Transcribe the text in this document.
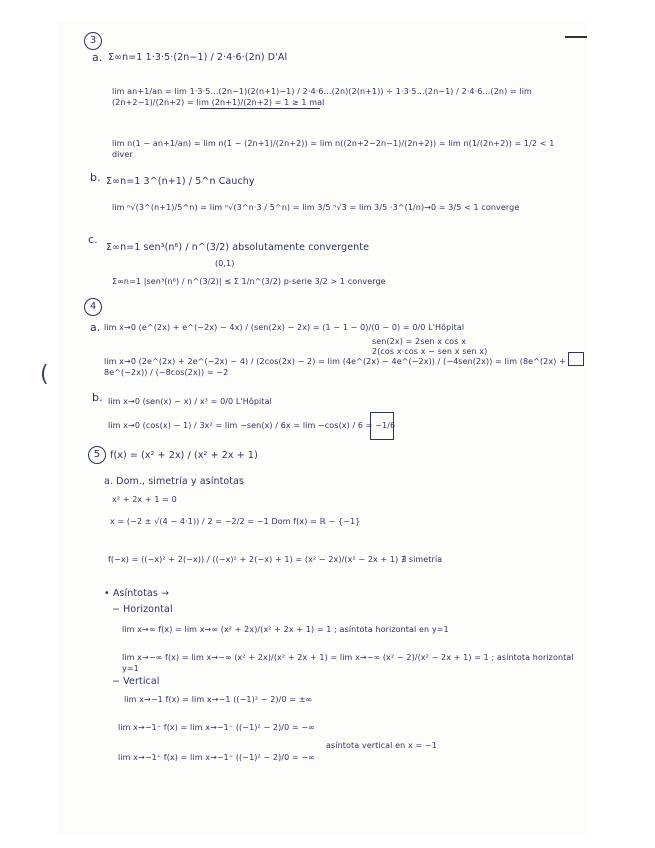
(
3
a. Σ∞n=1 1·3·5·(2n−1) / 2·4·6·(2n) D'Al
lim an+1/an = lim 1·3·5…(2n−1)(2(n+1)−1) / 2·4·6…(2n)(2(n+1)) ÷ 1·3·5…(2n−1) / 2·4·6…(2n) = lim (2n+2−1)/(2n+2) = lim (2n+1)/(2n+2) = 1 ≥ 1 mal
lim n(1 − an+1/an) = lim n(1 − (2n+1)/(2n+2)) = lim n((2n+2−2n−1)/(2n+2)) = lim n(1/(2n+2)) = 1/2 < 1 diver
b. Σ∞n=1 3^(n+1) / 5^n Cauchy
lim ⁿ√(3^(n+1)/5^n) = lim ⁿ√(3^n·3 / 5^n) = lim 3/5 ⁿ√3 = lim 3/5 ·3^(1/n)→0 = 3/5 < 1 converge
c.
Σ∞n=1 sen³(n⁶) / n^(3/2) absolutamente convergente
(0,1)
Σ∞n=1 |sen³(n⁶) / n^(3/2)| ≤ Σ 1/n^(3/2) p-serie 3/2 > 1 converge
4
a. lim x→0 (e^(2x) + e^(−2x) − 4x) / (sen(2x) − 2x) = (1 − 1 − 0)/(0 − 0) = 0/0 L'Hôpital
sen(2x) = 2sen x cos x
2(cos x·cos x − sen x sen x)
lim x→0 (2e^(2x) + 2e^(−2x) − 4) / (2cos(2x) − 2) = lim (4e^(2x) − 4e^(−2x)) / (−4sen(2x)) = lim (8e^(2x) + 8e^(−2x)) / (−8cos(2x)) = −2
b. lim x→0 (sen(x) − x) / x³ = 0/0 L'Hôpital
lim x→0 (cos(x) − 1) / 3x² = lim −sen(x) / 6x = lim −cos(x) / 6 = −1/6
5	f(x) = (x² + 2x) / (x² + 2x + 1)
a. Dom., simetría y asíntotas
x² + 2x + 1 = 0
x = (−2 ± √(4 − 4·1)) / 2 = −2/2 = −1 Dom f(x) = ℝ − {−1}
f(−x) = ((−x)² + 2(−x)) / ((−x)² + 2(−x) + 1) = (x² − 2x)/(x² − 2x + 1) ∄ simetría
• Asíntotas →
− Horizontal
lim x→∞ f(x) = lim x→∞ (x² + 2x)/(x² + 2x + 1) = 1 ; asíntota horizontal en y=1
lim x→−∞ f(x) = lim x→−∞ (x² + 2x)/(x² + 2x + 1) = lim x→−∞ (x² − 2)/(x² − 2x + 1) = 1 ; asíntota horizontal y=1
− Vertical
lim x→−1 f(x) = lim x→−1 ((−1)² − 2)/0 = ±∞
lim x→−1⁻ f(x) = lim x→−1⁻ ((−1)² − 2)/0 = −∞
lim x→−1⁺ f(x) = lim x→−1⁺ ((−1)² − 2)/0 = −∞
asíntota vertical en x = −1
